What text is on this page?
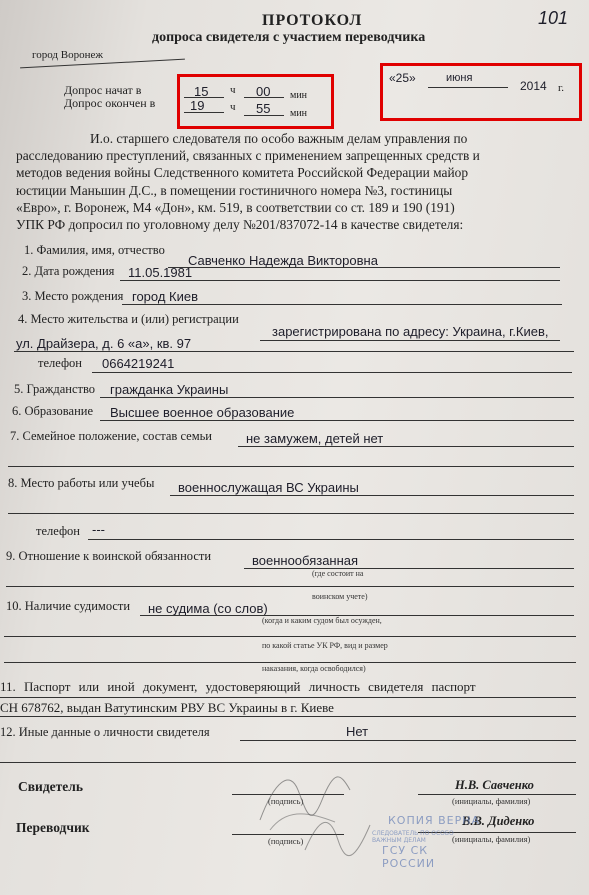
101
ПРОТОКОЛ
допроса свидетеля с участием переводчика
город Воронеж
Допрос начат в
Допрос окончен в
15 ч 00 мин
19 ч 55 мин
«25»	июня
2014 г.
И.о. старшего следователя по особо важным делам управления по
расследованию преступлений, связанных с применением запрещенных средств и
методов ведения войны Следственного комитета Российской Федерации майор
юстиции Маньшин Д.С., в помещении гостиничного номера №3, гостиницы
«Евро», г. Воронеж, М4 «Дон», км. 519, в соответствии со ст. 189 и 190 (191)
УПК РФ допросил по уголовному делу №201/837072-14 в качестве свидетеля:
1. Фамилия, имя, отчество
Савченко Надежда Викторовна
2. Дата рождения 11.05.1981
3. Место рождения город Киев
4. Место жительства и (или) регистрации
зарегистрирована по адресу: Украина, г.Киев,
ул. Драйзера, д. 6 «а», кв. 97
телефон 0664219241
5. Гражданство гражданка Украины
6. Образование Высшее военное образование
7. Семейное положение, состав семьи	не замужем, детей нет
8. Место работы или учебы военнослужащая ВС Украины
телефон ---
9. Отношение к воинской обязанности	военнообязанная
(где состоит на
воинском учете)
10. Наличие судимости не судима (со слов)
(когда и каким судом был осужден,
по какой статье УК РФ, вид и размер
наказания, когда освободился)
11. Паспорт или иной документ, удостоверяющий личность свидетеля паспорт
СН 678762, выдан Ватутинским РВУ ВС Украины в г. Киеве
12. Иные данные о личности свидетеля	Нет
Свидетель
(подпись)
Н.В. Савченко
(инициалы, фамилия)
Переводчик
(подпись)
В.В. Диденко
(инициалы, фамилия)
КОПИЯ ВЕРНА
СЛЕДОВАТЕЛЬ ПО ОСОБО ВАЖНЫМ ДЕЛАМ
ГСУ СК РОССИИ
